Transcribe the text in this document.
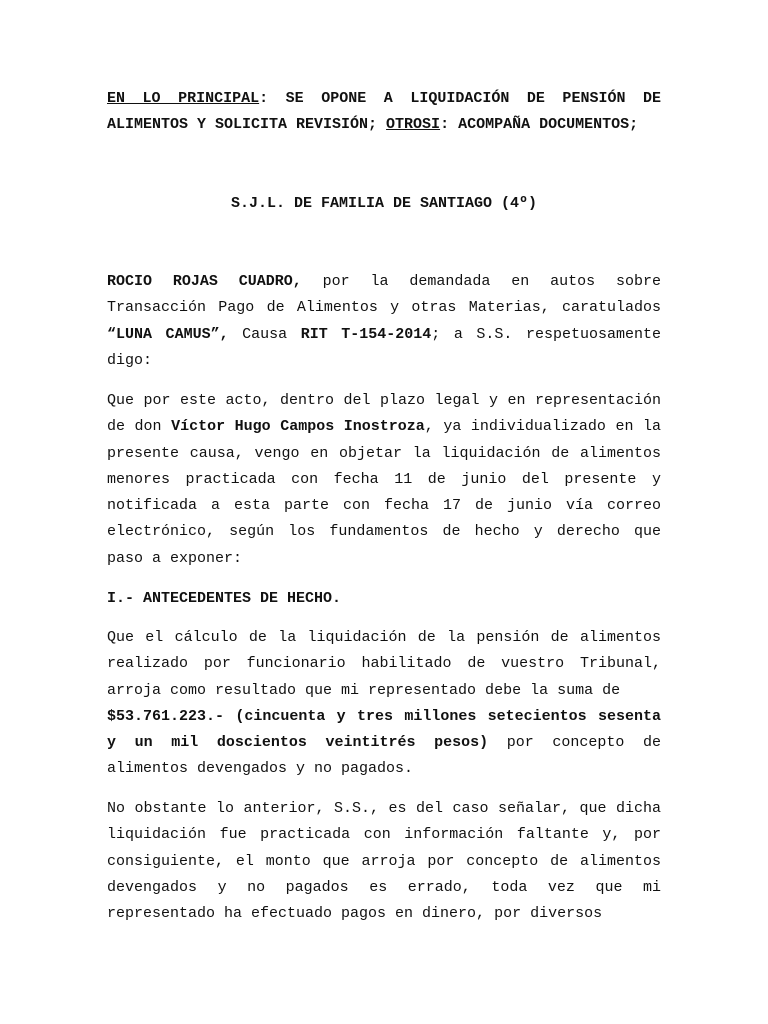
EN LO PRINCIPAL: SE OPONE A LIQUIDACIÓN DE PENSIÓN DE ALIMENTOS Y SOLICITA REVISIÓN; OTROSI: ACOMPAÑA DOCUMENTOS;
S.J.L. DE FAMILIA DE SANTIAGO (4º)
ROCIO ROJAS CUADRO, por la demandada en autos sobre Transacción Pago de Alimentos y otras Materias, caratulados “LUNA CAMUS”, Causa RIT T-154-2014; a S.S. respetuosamente digo:
Que por este acto, dentro del plazo legal y en representación de don Víctor Hugo Campos Inostroza, ya individualizado en la presente causa, vengo en objetar la liquidación de alimentos menores practicada con fecha 11 de junio del presente y notificada a esta parte con fecha 17 de junio vía correo electrónico, según los fundamentos de hecho y derecho que paso a exponer:
I.- ANTECEDENTES DE HECHO.
Que el cálculo de la liquidación de la pensión de alimentos realizado por funcionario habilitado de vuestro Tribunal, arroja como resultado que mi representado debe la suma de
$53.761.223.- (cincuenta y tres millones setecientos sesenta
y un mil doscientos veintitrés pesos) por concepto de alimentos devengados y no pagados.
No obstante lo anterior, S.S., es del caso señalar, que dicha liquidación fue practicada con información faltante y, por consiguiente, el monto que arroja por concepto de alimentos devengados y no pagados es errado, toda vez que mi representado ha efectuado pagos en dinero, por diversos
